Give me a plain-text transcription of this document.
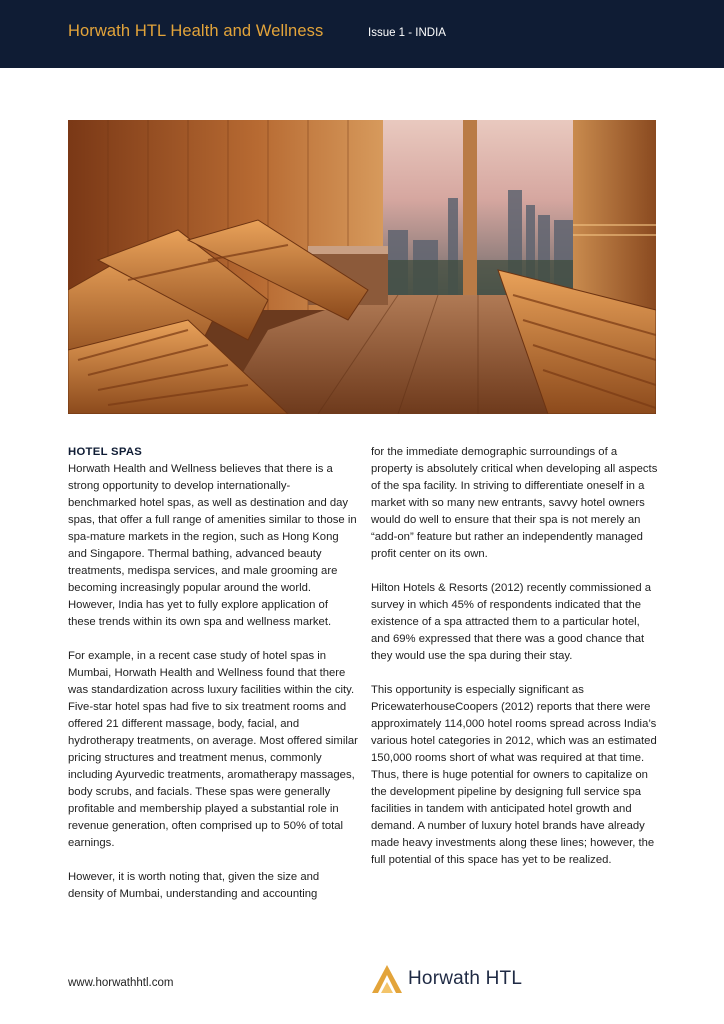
Horwath HTL Health and Wellness	Issue 1 - INDIA
HOTEL SPAS

Horwath Health and Wellness believes that there is a strong opportunity to develop internationally-benchmarked hotel spas, as well as destination and day spas, that offer a full range of amenities similar to those in spa-mature markets in the region, such as Hong Kong and Singapore. Thermal bathing, advanced beauty treatments, medispa services, and male grooming are becoming increasingly popular around the world. However, India has yet to fully explore application of these trends within its own spa and wellness market.

For example, in a recent case study of hotel spas in Mumbai, Horwath Health and Wellness found that there was standardization across luxury facilities within the city. Five-star hotel spas had five to six treatment rooms and offered 21 different massage, body, facial, and hydrotherapy treatments, on average. Most offered similar pricing structures and treatment menus, commonly including Ayurvedic treatments, aromatherapy massages, body scrubs, and facials. These spas were generally profitable and membership played a substantial role in revenue generation, often comprised up to 50% of total earnings.

However, it is worth noting that, given the size and density of Mumbai, understanding and accounting

for the immediate demographic surroundings of a property is absolutely critical when developing all aspects of the spa facility. In striving to differentiate oneself in a market with so many new entrants, savvy hotel owners would do well to ensure that their spa is not merely an “add-on” feature but rather an independently managed profit center on its own.

Hilton Hotels & Resorts (2012) recently commissioned a survey in which 45% of respondents indicated that the existence of a spa attracted them to a particular hotel, and 69% expressed that there was a good chance that they would use the spa during their stay.

This opportunity is especially significant as PricewaterhouseCoopers (2012) reports that there were approximately 114,000 hotel rooms spread across India’s various hotel categories in 2012, which was an estimated 150,000 rooms short of what was required at that time. Thus, there is huge potential for owners to capitalize on the development pipeline by designing full service spa facilities in tandem with anticipated hotel growth and demand. A number of luxury hotel brands have already made heavy investments along these lines; however, the full potential of this space has yet to be realized.

www.horwathhtl.com	Horwath HTL
